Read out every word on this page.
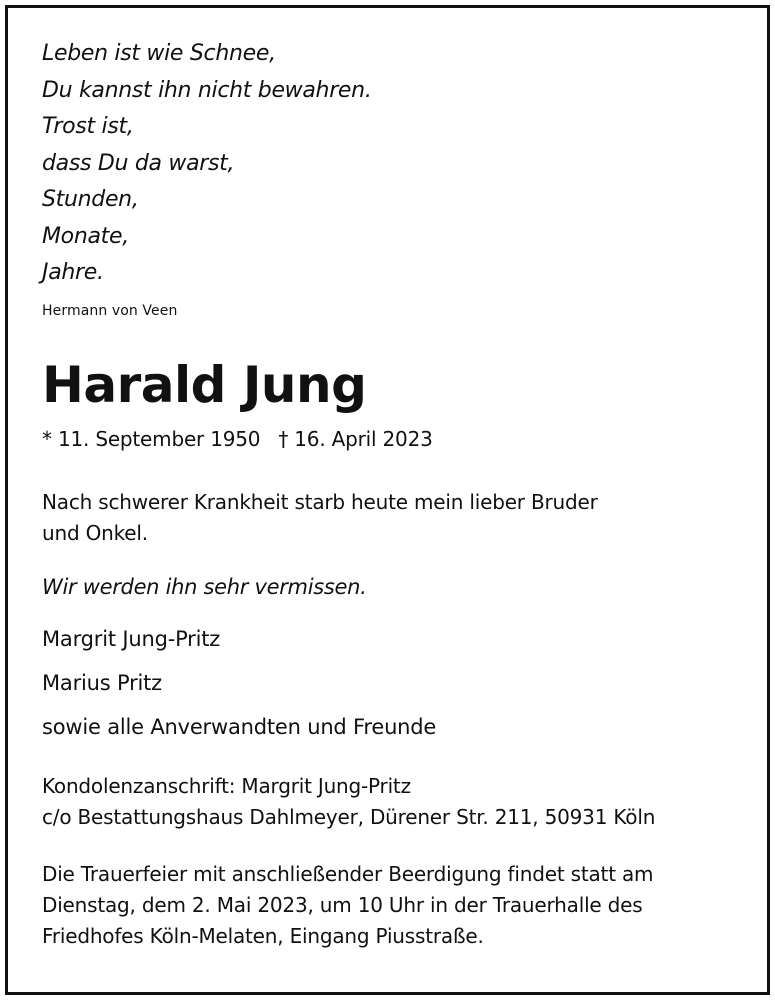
Leben ist wie Schnee,
Du kannst ihn nicht bewahren.
Trost ist,
dass Du da warst,
Stunden,
Monate,
Jahre.
Hermann von Veen
Harald Jung
* 11. September 1950 † 16. April 2023
Nach schwerer Krankheit starb heute mein lieber Bruder
und Onkel.
Wir werden ihn sehr vermissen.
Margrit Jung-Pritz
Marius Pritz
sowie alle Anverwandten und Freunde
Kondolenzanschrift: Margrit Jung-Pritz
c/o Bestattungshaus Dahlmeyer, Dürener Str. 211, 50931 Köln
Die Trauerfeier mit anschließender Beerdigung findet statt am
Dienstag, dem 2. Mai 2023, um 10 Uhr in der Trauerhalle des
Friedhofes Köln-Melaten, Eingang Piusstraße.
